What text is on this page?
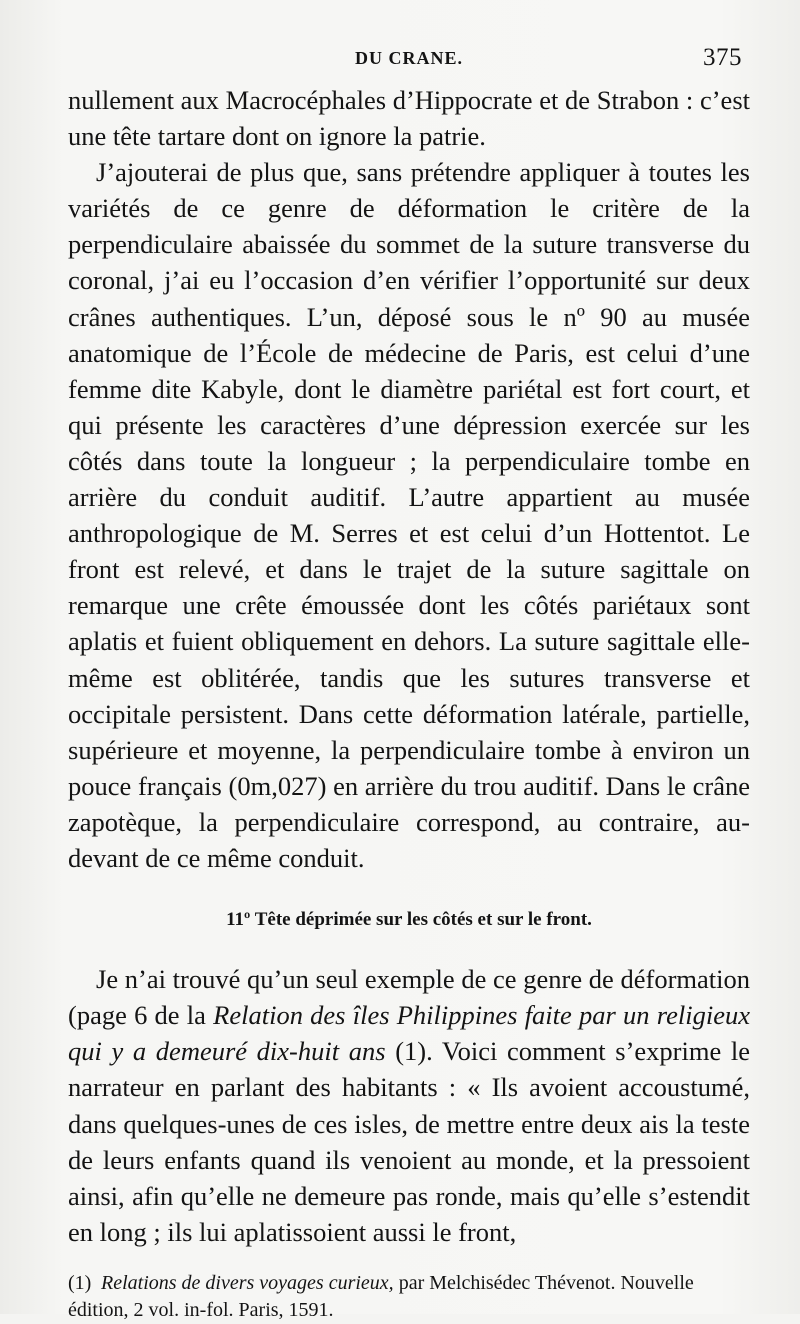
DU CRANE.	375

nullement aux Macrocéphales d’Hippocrate et de Strabon : c’est une tête tartare dont on ignore la patrie.

J’ajouterai de plus que, sans prétendre appliquer à toutes les variétés de ce genre de déformation le critère de la perpendiculaire abaissée du sommet de la suture transverse du coronal, j’ai eu l’occasion d’en vérifier l’opportunité sur deux crânes authentiques. L’un, déposé sous le nº 90 au musée anatomique de l’École de médecine de Paris, est celui d’une femme dite Kabyle, dont le diamètre pariétal est fort court, et qui présente les caractères d’une dépression exercée sur les côtés dans toute la longueur ; la perpendiculaire tombe en arrière du conduit auditif. L’autre appartient au musée anthropologique de M. Serres et est celui d’un Hottentot. Le front est relevé, et dans le trajet de la suture sagittale on remarque une crête émoussée dont les côtés pariétaux sont aplatis et fuient obliquement en dehors. La suture sagittale elle-même est oblitérée, tandis que les sutures transverse et occipitale persistent. Dans cette déformation latérale, partielle, supérieure et moyenne, la perpendiculaire tombe à environ un pouce français (0m,027) en arrière du trou auditif. Dans le crâne zapotèque, la perpendiculaire correspond, au contraire, au-devant de ce même conduit.

11º Tête déprimée sur les côtés et sur le front.

Je n’ai trouvé qu’un seul exemple de ce genre de déformation (page 6 de la Relation des îles Philippines faite par un religieux qui y a demeuré dix-huit ans (1). Voici comment s’exprime le narrateur en parlant des habitants : « Ils avoient accoustumé, dans quelques-unes de ces isles, de mettre entre deux ais la teste de leurs enfants quand ils venoient au monde, et la pressoient ainsi, afin qu’elle ne demeure pas ronde, mais qu’elle s’estendit en long ; ils lui aplatissoient aussi le front,

(1) Relations de divers voyages curieux, par Melchisédec Thévenot. Nouvelle édition, 2 vol. in-fol. Paris, 1591.
